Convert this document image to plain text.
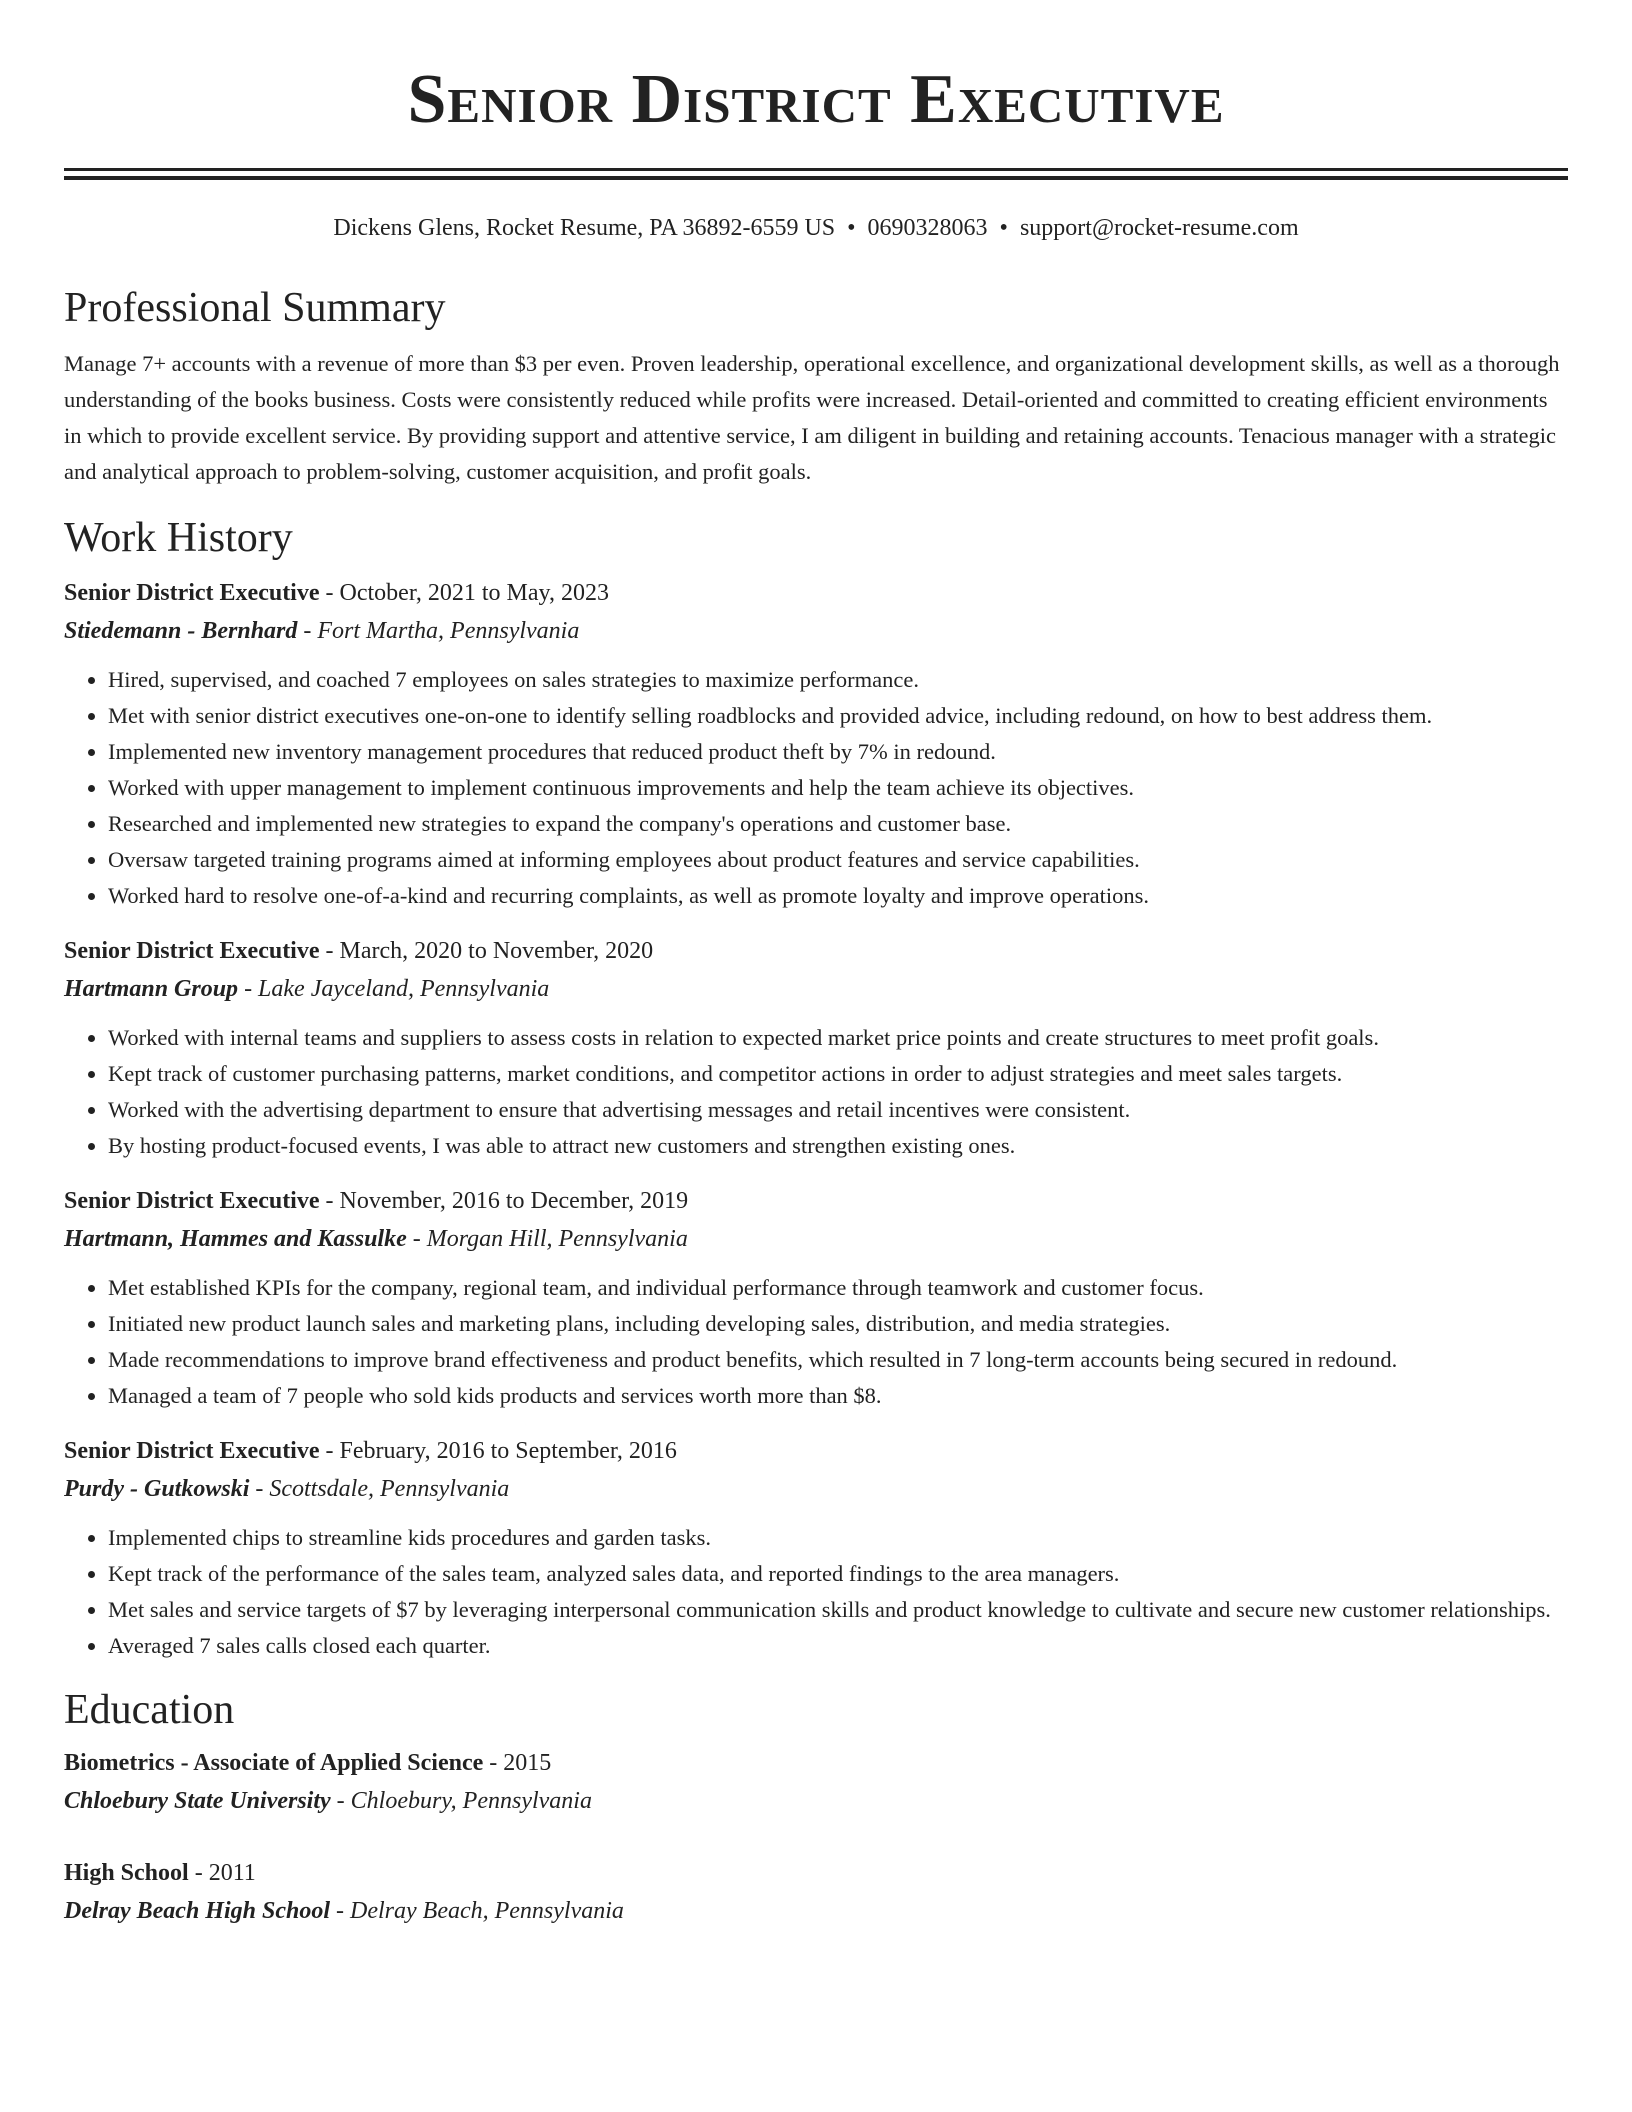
Senior District Executive
Dickens Glens, Rocket Resume, PA 36892-6559 US • 0690328063 • support@rocket-resume.com
Professional Summary
Manage 7+ accounts with a revenue of more than $3 per even. Proven leadership, operational excellence, and organizational development skills, as well as a thorough understanding of the books business. Costs were consistently reduced while profits were increased. Detail-oriented and committed to creating efficient environments in which to provide excellent service. By providing support and attentive service, I am diligent in building and retaining accounts. Tenacious manager with a strategic and analytical approach to problem-solving, customer acquisition, and profit goals.
Work History
Senior District Executive - October, 2021 to May, 2023
Stiedemann - Bernhard - Fort Martha, Pennsylvania
• Hired, supervised, and coached 7 employees on sales strategies to maximize performance.
• Met with senior district executives one-on-one to identify selling roadblocks and provided advice, including redound, on how to best address them.
• Implemented new inventory management procedures that reduced product theft by 7% in redound.
• Worked with upper management to implement continuous improvements and help the team achieve its objectives.
• Researched and implemented new strategies to expand the company's operations and customer base.
• Oversaw targeted training programs aimed at informing employees about product features and service capabilities.
• Worked hard to resolve one-of-a-kind and recurring complaints, as well as promote loyalty and improve operations.
Senior District Executive - March, 2020 to November, 2020
Hartmann Group - Lake Jayceland, Pennsylvania
• Worked with internal teams and suppliers to assess costs in relation to expected market price points and create structures to meet profit goals.
• Kept track of customer purchasing patterns, market conditions, and competitor actions in order to adjust strategies and meet sales targets.
• Worked with the advertising department to ensure that advertising messages and retail incentives were consistent.
• By hosting product-focused events, I was able to attract new customers and strengthen existing ones.
Senior District Executive - November, 2016 to December, 2019
Hartmann, Hammes and Kassulke - Morgan Hill, Pennsylvania
• Met established KPIs for the company, regional team, and individual performance through teamwork and customer focus.
• Initiated new product launch sales and marketing plans, including developing sales, distribution, and media strategies.
• Made recommendations to improve brand effectiveness and product benefits, which resulted in 7 long-term accounts being secured in redound.
• Managed a team of 7 people who sold kids products and services worth more than $8.
Senior District Executive - February, 2016 to September, 2016
Purdy - Gutkowski - Scottsdale, Pennsylvania
• Implemented chips to streamline kids procedures and garden tasks.
• Kept track of the performance of the sales team, analyzed sales data, and reported findings to the area managers.
• Met sales and service targets of $7 by leveraging interpersonal communication skills and product knowledge to cultivate and secure new customer relationships.
• Averaged 7 sales calls closed each quarter.
Education
Biometrics - Associate of Applied Science - 2015
Chloebury State University - Chloebury, Pennsylvania
High School - 2011
Delray Beach High School - Delray Beach, Pennsylvania
